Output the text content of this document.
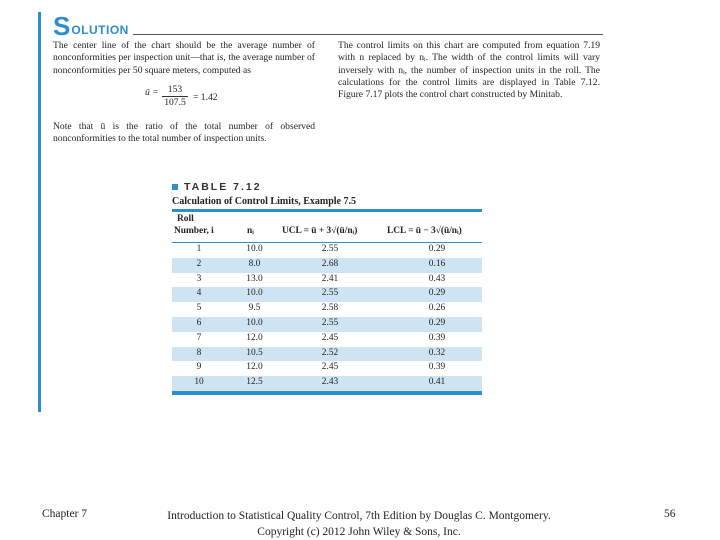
S OLUTION
The center line of the chart should be the average number of nonconformities per inspection unit—that is, the average number of nonconformities per 50 square meters, computed as
The control limits on this chart are computed from equation 7.19 with n replaced by nᵢ. The width of the control limits will vary inversely with nᵢ, the number of inspection units in the roll. The calculations for the control limits are displayed in Table 7.12. Figure 7.17 plots the control chart constructed by Minitab.
ū = $\frac{153}{107.5} = 1.42$
Note that ū is the ratio of the total number of observed nonconformities to the total number of inspection units.
TABLE 7.12
Calculation of Control Limits, Example 7.5
Roll
Number, i	nᵢ	UCL = ū + 3√(ū/nᵢ)	LCL = ū − 3√(ū/nᵢ)
1	10.0	2.55	0.29
2	8.0	2.68	0.16
3	13.0	2.41	0.43
4	10.0	2.55	0.29
5	9.5	2.58	0.26
6	10.0	2.55	0.29
7	12.0	2.45	0.39
8	10.5	2.52	0.32
9	12.0	2.45	0.39
10	12.5	2.43	0.41
Chapter 7	Introduction to Statistical Quality Control, 7th Edition by Douglas C. Montgomery.
Copyright (c) 2012 John Wiley & Sons, Inc.
56
